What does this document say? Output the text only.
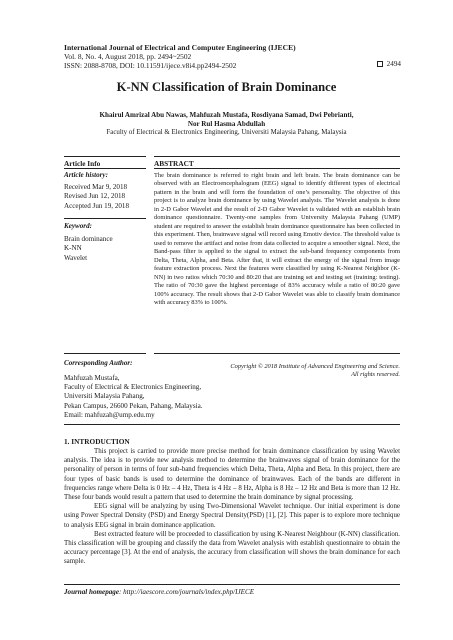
International Journal of Electrical and Computer Engineering (IJECE)
Vol. 8, No. 4, August 2018, pp. 2494~2502
ISSN: 2088-8708, DOI: 10.11591/ijece.v8i4.pp2494-2502	2494
K-NN Classification of Brain Dominance
Khairul Amrizal Abu Nawas, Mahfuzah Mustafa, Rosdiyana Samad, Dwi Pebrianti,
Nor Rul Hasma Abdullah
Faculty of Electrical & Electronics Engineering, Universiti Malaysia Pahang, Malaysia
Article Info
Article history:
Received Mar 9, 2018
Revised Jun 12, 2018
Accepted Jun 19, 2018
Keyword:
Brain dominance
K-NN
Wavelet
ABSTRACT
The brain dominance is referred to right brain and left brain. The brain dominance can be observed with an Electroencephalogram (EEG) signal to identify different types of electrical pattern in the brain and will form the foundation of one’s personality. The objective of this project is to analyze brain dominance by using Wavelet analysis. The Wavelet analysis is done in 2-D Gabor Wavelet and the result of 2-D Gabor Wavelet is validated with an establish brain dominance questionnaire. Twenty-one samples from University Malaysia Pahang (UMP) student are required to answer the establish brain dominance questionnaire has been collected in this experiment. Then, brainwave signal will record using Emotiv device. The threshold value is used to remove the artifact and noise from data collected to acquire a smoother signal. Next, the Band-pass filter is applied to the signal to extract the sub-band frequency components from Delta, Theta, Alpha, and Beta. After that, it will extract the energy of the signal from image feature extraction process. Next the features were classified by using K-Nearest Neighbor (K-NN) in two ratios which 70:30 and 80:20 that are training set and testing set (training: testing). The ratio of 70:30 gave the highest percentage of 83% accuracy while a ratio of 80:20 gave 100% accuracy. The result shows that 2-D Gabor Wavelet was able to classify brain dominance with accuracy 83% to 100%.
Copyright © 2018 Institute of Advanced Engineering and Science.
All rights reserved.
Corresponding Author:
Mahfuzah Mustafa,
Faculty of Electrical & Electronics Engineering,
Universiti Malaysia Pahang,
Pekan Campus, 26600 Pekan, Pahang, Malaysia.
Email: mahfuzah@ump.edu.my
1. INTRODUCTION

This project is carried to provide more precise method for brain dominance classification by using Wavelet analysis. The idea is to provide new analysis method to determine the brainwaves signal of brain dominance for the personality of person in terms of four sub-band frequencies which Delta, Theta, Alpha and Beta. In this project, there are four types of basic bands is used to determine the dominance of brainwaves. Each of the bands are different in frequencies range where Delta is 0 Hz – 4 Hz, Theta is 4 Hz – 8 Hz, Alpha is 8 Hz – 12 Hz and Beta is more than 12 Hz. These four bands would result a pattern that used to determine the brain dominance by signal processing.

EEG signal will be analyzing by using Two-Dimensional Wavelet technique. Our initial experiment is done using Power Spectral Density (PSD) and Energy Spectral Density(PSD) [1], [2]. This paper is to explore more technique to analysis EEG signal in brain dominance application.

Best extracted feature will be proceeded to classification by using K-Nearest Neighbour (K-NN) classification. This classification will be grouping and classify the data from Wavelet analysis with establish questionnaire to obtain the accuracy percentage [3]. At the end of analysis, the accuracy from classification will shows the brain dominance for each sample.

Journal homepage: http://iaescore.com/journals/index.php/IJECE
